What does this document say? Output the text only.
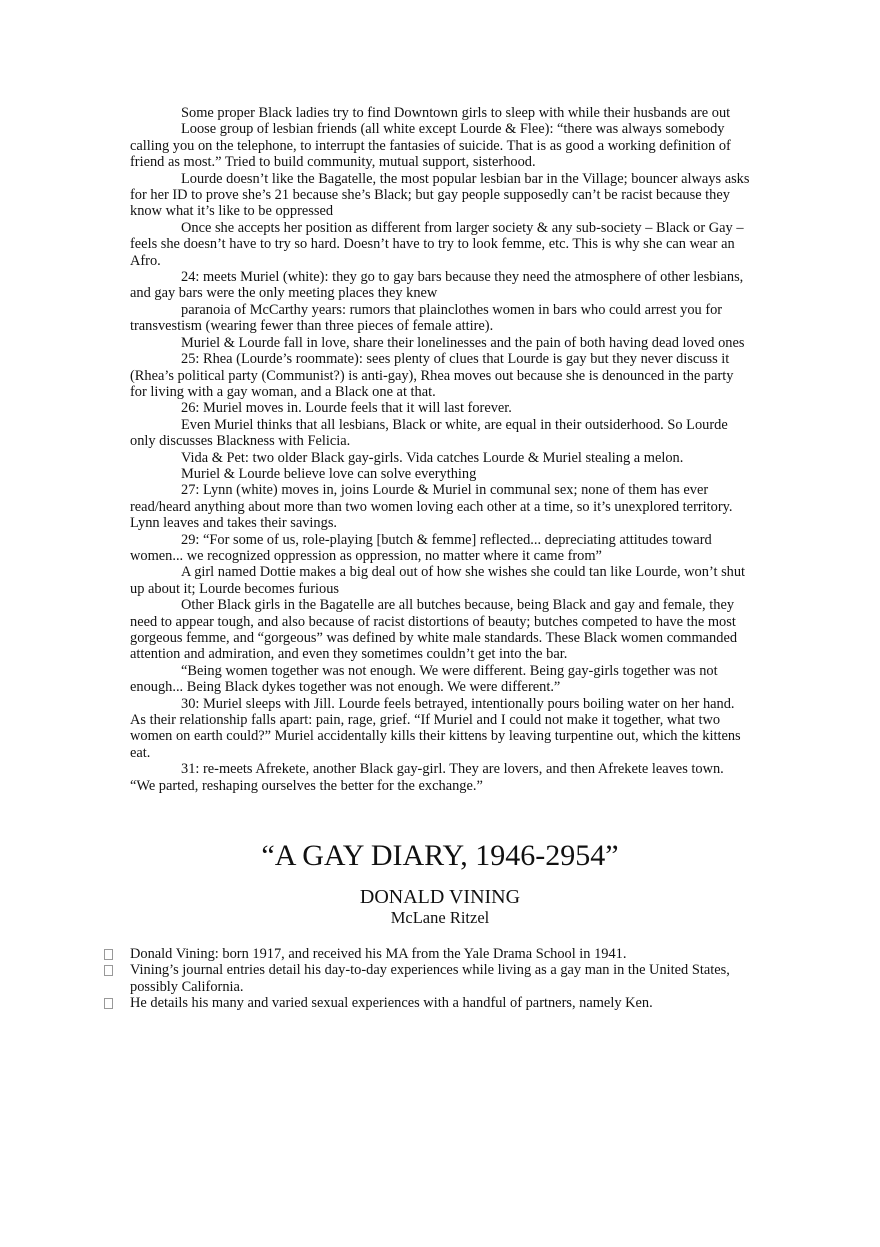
Some proper Black ladies try to find Downtown girls to sleep with while their husbands are out

Loose group of lesbian friends (all white except Lourde & Flee): “there was always somebody calling you on the telephone, to interrupt the fantasies of suicide. That is as good a working definition of friend as most.” Tried to build community, mutual support, sisterhood.

Lourde doesn’t like the Bagatelle, the most popular lesbian bar in the Village; bouncer always asks for her ID to prove she’s 21 because she’s Black; but gay people supposedly can’t be racist because they know what it’s like to be oppressed

Once she accepts her position as different from larger society & any sub-society – Black or Gay – feels she doesn’t have to try so hard. Doesn’t have to try to look femme, etc. This is why she can wear an Afro.

24: meets Muriel (white): they go to gay bars because they need the atmosphere of other lesbians, and gay bars were the only meeting places they knew

paranoia of McCarthy years: rumors that plainclothes women in bars who could arrest you for transvestism (wearing fewer than three pieces of female attire).

Muriel & Lourde fall in love, share their lonelinesses and the pain of both having dead loved ones

25: Rhea (Lourde’s roommate): sees plenty of clues that Lourde is gay but they never discuss it (Rhea’s political party (Communist?) is anti-gay), Rhea moves out because she is denounced in the party for living with a gay woman, and a Black one at that.

26: Muriel moves in. Lourde feels that it will last forever.

Even Muriel thinks that all lesbians, Black or white, are equal in their outsiderhood. So Lourde only discusses Blackness with Felicia.

Vida & Pet: two older Black gay-girls. Vida catches Lourde & Muriel stealing a melon.

Muriel & Lourde believe love can solve everything

27: Lynn (white) moves in, joins Lourde & Muriel in communal sex; none of them has ever read/heard anything about more than two women loving each other at a time, so it’s unexplored territory. Lynn leaves and takes their savings.

29: “For some of us, role-playing [butch & femme] reflected... depreciating attitudes toward women... we recognized oppression as oppression, no matter where it came from”

A girl named Dottie makes a big deal out of how she wishes she could tan like Lourde, won’t shut up about it; Lourde becomes furious

Other Black girls in the Bagatelle are all butches because, being Black and gay and female, they need to appear tough, and also because of racist distortions of beauty; butches competed to have the most gorgeous femme, and “gorgeous” was defined by white male standards. These Black women commanded attention and admiration, and even they sometimes couldn’t get into the bar.

“Being women together was not enough. We were different. Being gay-girls together was not enough... Being Black dykes together was not enough. We were different.”

30: Muriel sleeps with Jill. Lourde feels betrayed, intentionally pours boiling water on her hand. As their relationship falls apart: pain, rage, grief. “If Muriel and I could not make it together, what two women on earth could?” Muriel accidentally kills their kittens by leaving turpentine out, which the kittens eat.

31: re-meets Afrekete, another Black gay-girl. They are lovers, and then Afrekete leaves town. “We parted, reshaping ourselves the better for the exchange.”

“A GAY DIARY, 1946-2954”
DONALD VINING
McLane Ritzel
Donald Vining: born 1917, and received his MA from the Yale Drama School in 1941.
Vining’s journal entries detail his day-to-day experiences while living as a gay man in the United States, possibly California.
He details his many and varied sexual experiences with a handful of partners, namely Ken.
